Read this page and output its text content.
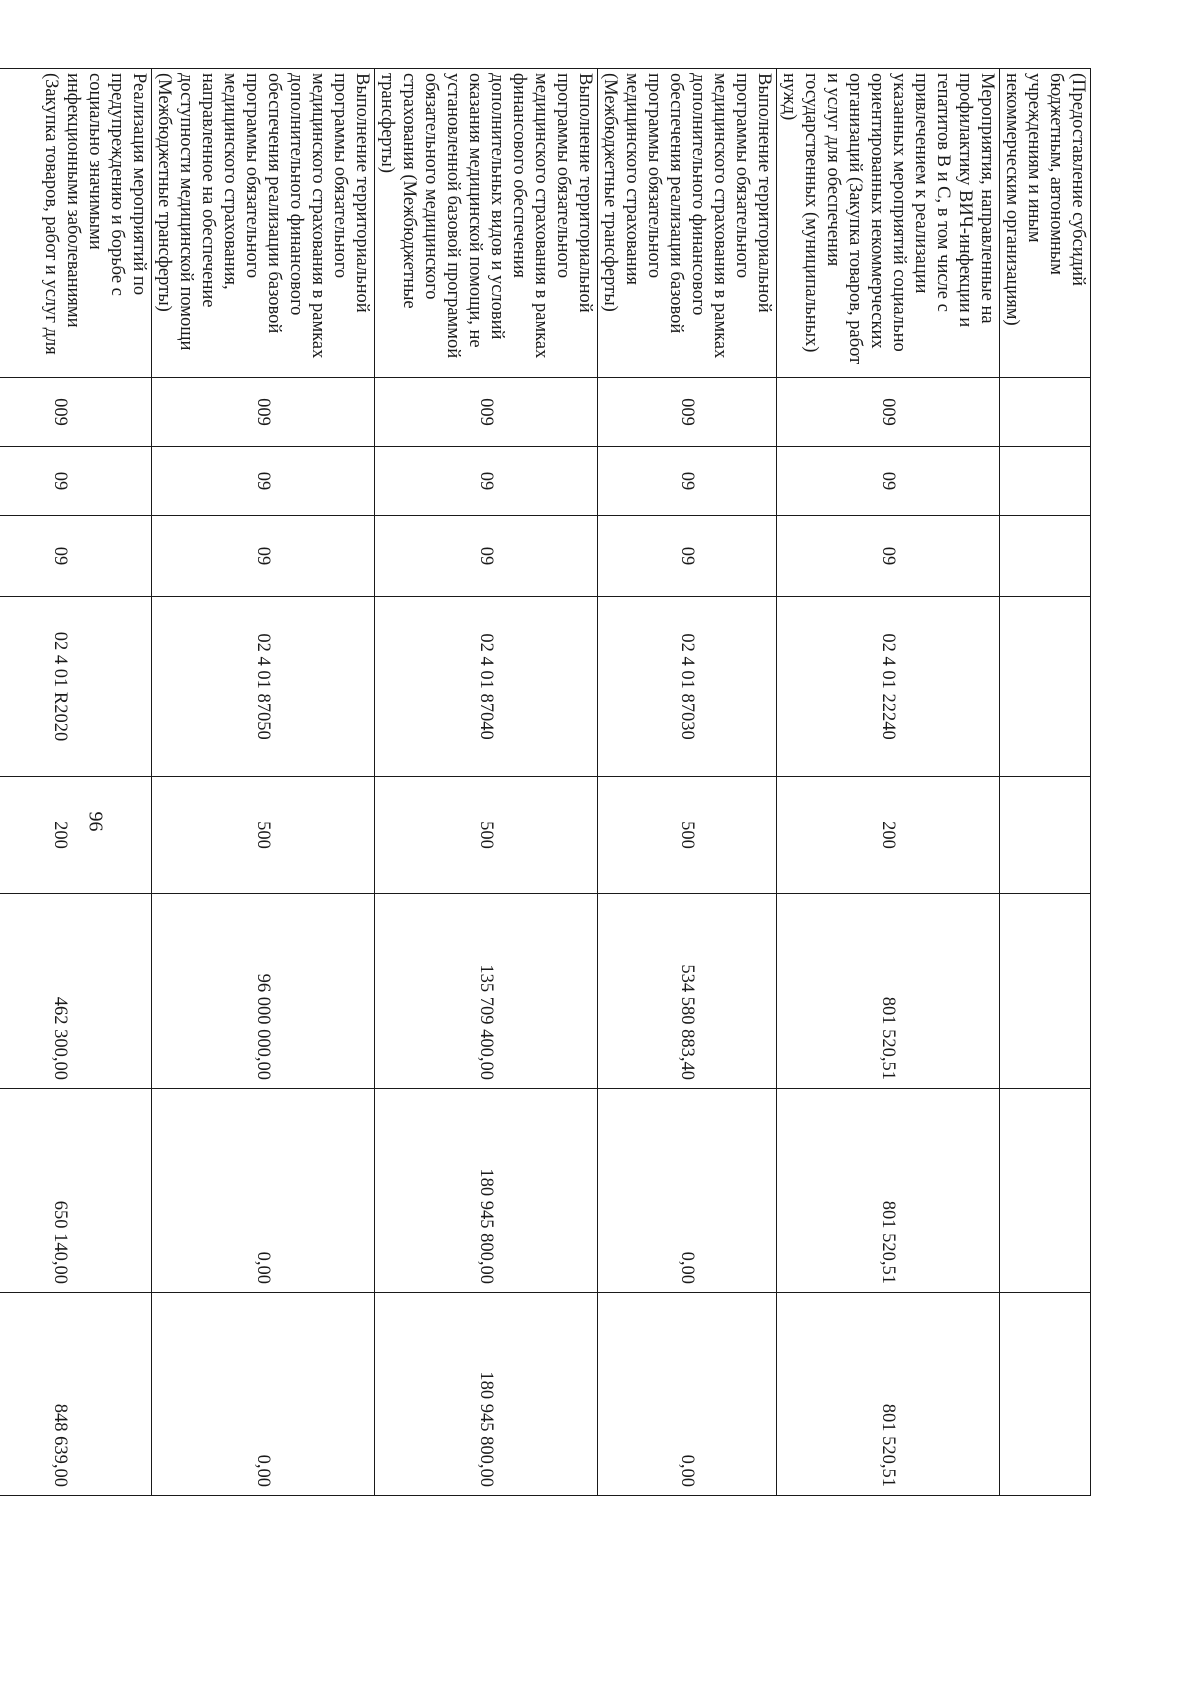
96
(Предоставление субсидий бюджетным, автономным учреждениям и иным некоммерческим организациям)								
Мероприятия, направленные на профилактику ВИЧ-инфекции и гепатитов В и С, в том числе с привлечением к реализации указанных мероприятий социально ориентированных некоммерческих организаций (Закупка товаров, работ и услуг для обеспечения государственных (муниципальных) нужд)	009	09	09	02 4 01 22240	200	801 520,51	801 520,51	801 520,51
Выполнение территориальной программы обязательного медицинского страхования в рамках дополнительного финансового обеспечения реализации базовой программы обязательного медицинского страхования (Межбюджетные трансферты)	009	09	09	02 4 01 87030	500	534 580 883,40	0,00	0,00
Выполнение территориальной программы обязательного медицинского страхования в рамках финансового обеспечения дополнительных видов и условий оказания медицинской помощи, не установленной базовой программой обязательного медицинского страхования (Межбюджетные трансферты)	009	09	09	02 4 01 87040	500	135 709 400,00	180 945 800,00	180 945 800,00
Выполнение территориальной программы обязательного медицинского страхования в рамках дополнительного финансового обеспечения реализации базовой программы обязательного медицинского страхования, направленное на обеспечение доступности медицинской помощи (Межбюджетные трансферты)	009	09	09	02 4 01 87050	500	96 000 000,00	0,00	0,00
Реализация мероприятий по предупреждению и борьбе с социально значимыми инфекционными заболеваниями (Закупка товаров, работ и услуг для	009	09	09	02 4 01 R2020	200	462 300,00	650 140,00	848 639,00
